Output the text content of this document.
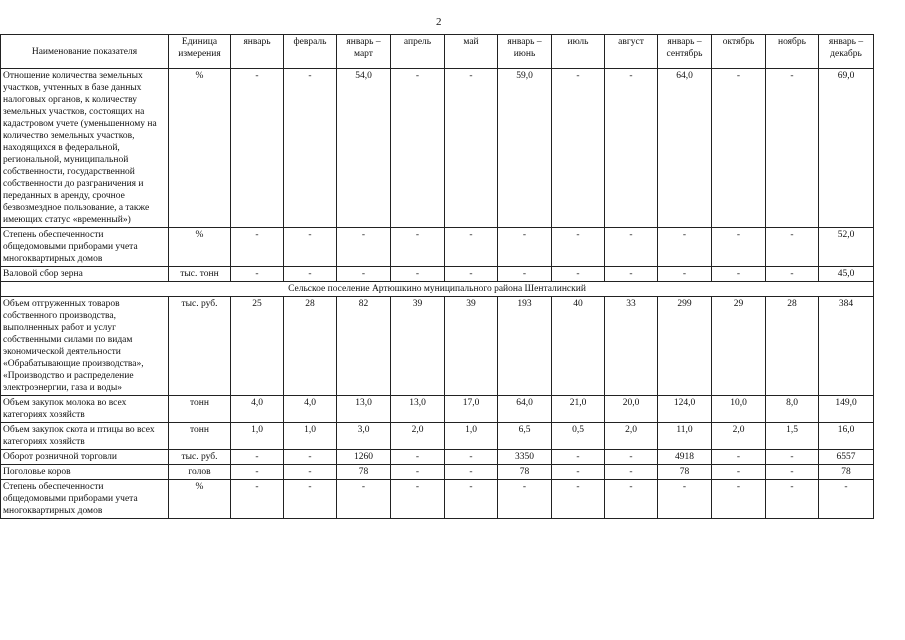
2
Наименование показателя	Единица измерения	январь	февраль	январь – март	апрель	май	январь – июнь	июль	август	январь – сентябрь	октябрь	ноябрь	январь – декабрь
Отношение количества земельных участков, учтенных в базе данных налоговых органов, к количеству земельных участков, состоящих на кадастровом учете (уменьшенному на количество земельных участков, находящихся в федеральной, региональной, муниципальной собственности, государственной собственности до разграничения и переданных в аренду, срочное безвозмездное пользование, а также имеющих статус «временный»)	%	-	-	54,0	-	-	59,0	-	-	64,0	-	-	69,0
Степень обеспеченности общедомовыми приборами учета многоквартирных домов	%	-	-	-	-	-	-	-	-	-	-	-	52,0
Валовой сбор зерна	тыс. тонн	-	-	-	-	-	-	-	-	-	-	-	45,0
Сельское поселение Артюшкино муниципального района Шенталинский													
Объем отгруженных товаров собственного производства, выполненных работ и услуг собственными силами по видам экономической деятельности «Обрабатывающие производства», «Производство и распределение электроэнергии, газа и воды»	тыс. руб.	25	28	82	39	39	193	40	33	299	29	28	384
Объем закупок молока во всех категориях хозяйств	тонн	4,0	4,0	13,0	13,0	17,0	64,0	21,0	20,0	124,0	10,0	8,0	149,0
Объем закупок скота и птицы во всех категориях хозяйств	тонн	1,0	1,0	3,0	2,0	1,0	6,5	0,5	2,0	11,0	2,0	1,5	16,0
Оборот розничной торговли	тыс. руб.	-	-	1260	-	-	3350	-	-	4918	-	-	6557
Поголовье коров	голов	-	-	78	-	-	78	-	-	78	-	-	78
Степень обеспеченности общедомовыми приборами учета многоквартирных домов	%	-	-	-	-	-	-	-	-	-	-	-	-
